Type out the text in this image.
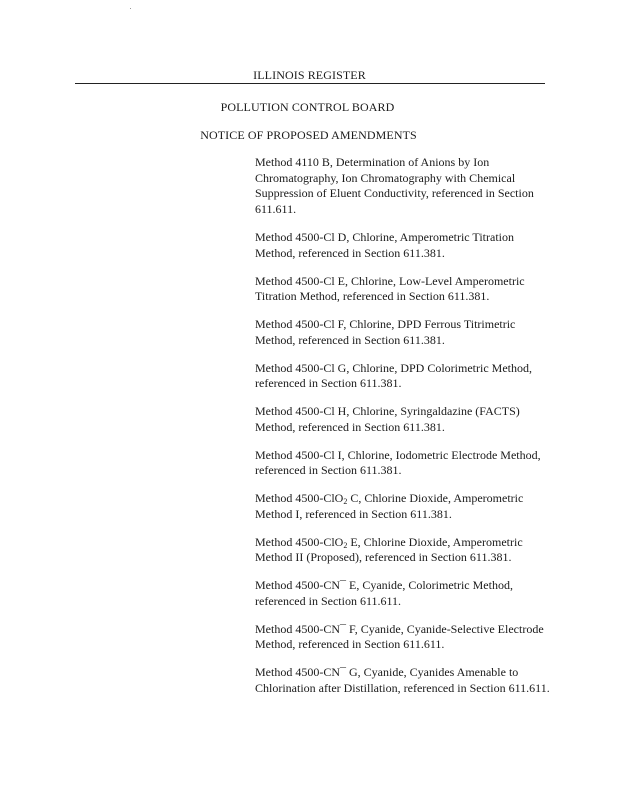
ILLINOIS REGISTER
POLLUTION CONTROL BOARD
NOTICE OF PROPOSED AMENDMENTS

Method 4110 B, Determination of Anions by Ion Chromatography, Ion Chromatography with Chemical Suppression of Eluent Conductivity, referenced in Section 611.611.

Method 4500-Cl D, Chlorine, Amperometric Titration Method, referenced in Section 611.381.

Method 4500-Cl E, Chlorine, Low-Level Amperometric Titration Method, referenced in Section 611.381.

Method 4500-Cl F, Chlorine, DPD Ferrous Titrimetric Method, referenced in Section 611.381.

Method 4500-Cl G, Chlorine, DPD Colorimetric Method, referenced in Section 611.381.

Method 4500-Cl H, Chlorine, Syringaldazine (FACTS) Method, referenced in Section 611.381.

Method 4500-Cl I, Chlorine, Iodometric Electrode Method, referenced in Section 611.381.

Method 4500-ClO$_2$ C, Chlorine Dioxide, Amperometric Method I, referenced in Section 611.381.

Method 4500-ClO$_2$ E, Chlorine Dioxide, Amperometric Method II (Proposed), referenced in Section 611.381.

Method 4500-CN¯ E, Cyanide, Colorimetric Method, referenced in Section 611.611.

Method 4500-CN¯ F, Cyanide, Cyanide-Selective Electrode Method, referenced in Section 611.611.

Method 4500-CN¯ G, Cyanide, Cyanides Amenable to Chlorination after Distillation, referenced in Section 611.611.
